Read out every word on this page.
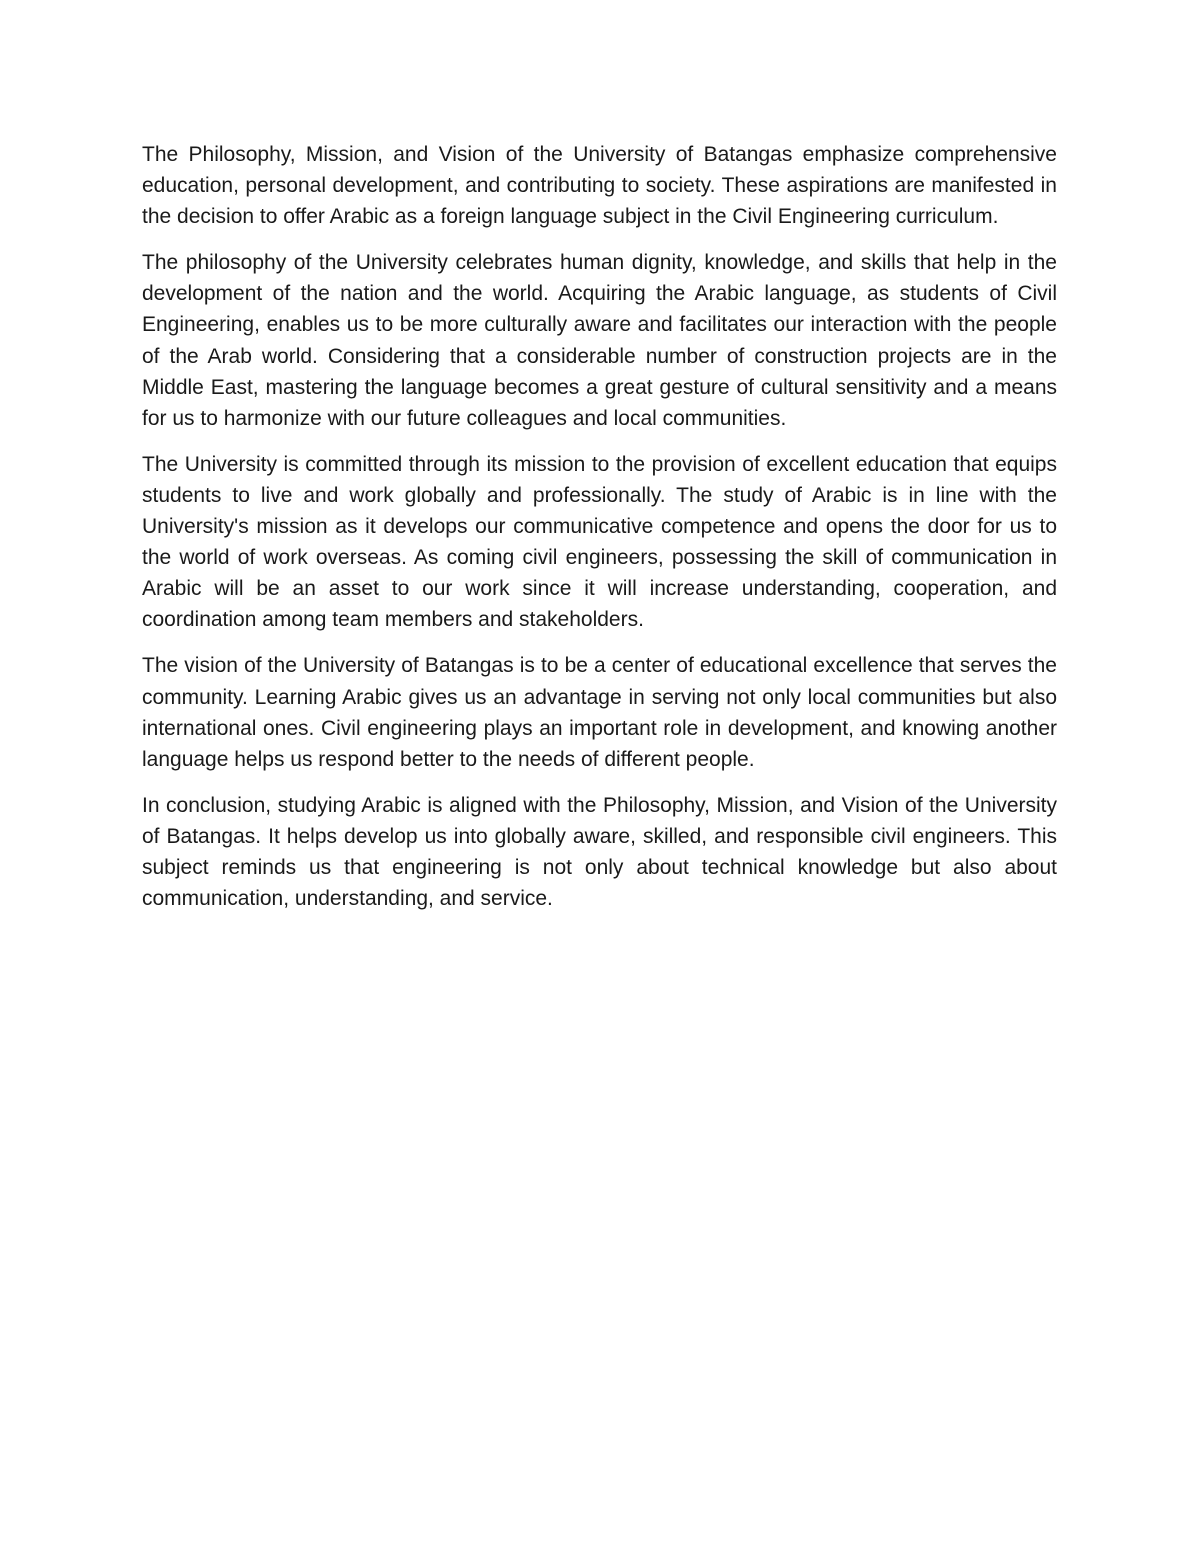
The Philosophy, Mission, and Vision of the University of Batangas emphasize comprehensive education, personal development, and contributing to society. These aspirations are manifested in the decision to offer Arabic as a foreign language subject in the Civil Engineering curriculum.

The philosophy of the University celebrates human dignity, knowledge, and skills that help in the development of the nation and the world. Acquiring the Arabic language, as students of Civil Engineering, enables us to be more culturally aware and facilitates our interaction with the people of the Arab world. Considering that a considerable number of construction projects are in the Middle East, mastering the language becomes a great gesture of cultural sensitivity and a means for us to harmonize with our future colleagues and local communities.

The University is committed through its mission to the provision of excellent education that equips students to live and work globally and professionally. The study of Arabic is in line with the University's mission as it develops our communicative competence and opens the door for us to the world of work overseas. As coming civil engineers, possessing the skill of communication in Arabic will be an asset to our work since it will increase understanding, cooperation, and coordination among team members and stakeholders.

The vision of the University of Batangas is to be a center of educational excellence that serves the community. Learning Arabic gives us an advantage in serving not only local communities but also international ones. Civil engineering plays an important role in development, and knowing another language helps us respond better to the needs of different people.

In conclusion, studying Arabic is aligned with the Philosophy, Mission, and Vision of the University of Batangas. It helps develop us into globally aware, skilled, and responsible civil engineers. This subject reminds us that engineering is not only about technical knowledge but also about communication, understanding, and service.
